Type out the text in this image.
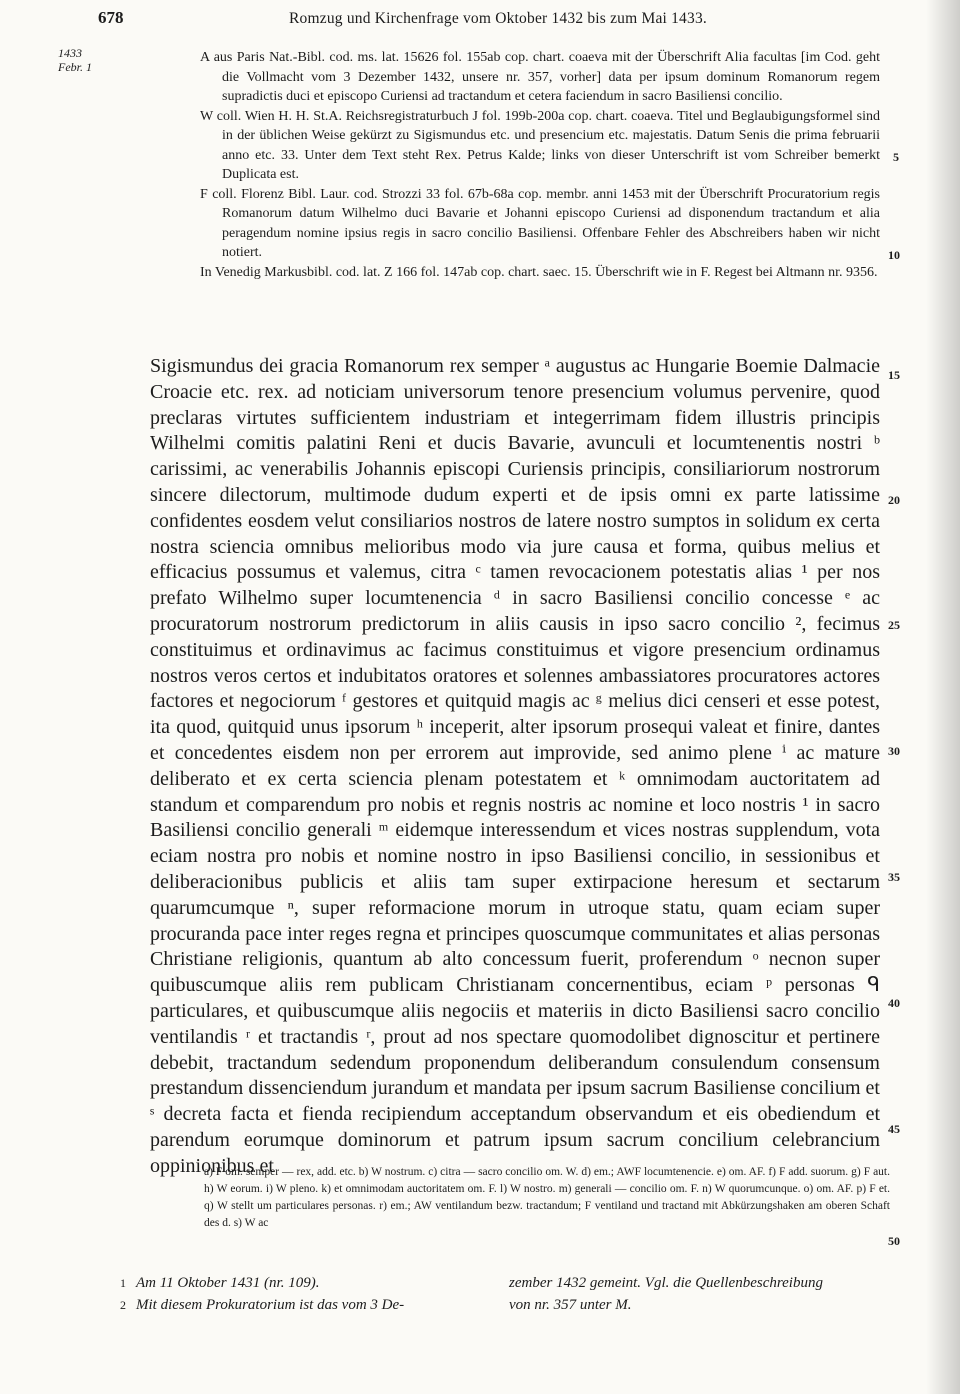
678	Romzug und Kirchenfrage vom Oktober 1432 bis zum Mai 1433.
1433
Febr. 1
5
10
15
20
25
30
35
40
45
50

A aus Paris Nat.-Bibl. cod. ms. lat. 15626 fol. 155ab cop. chart. coaeva mit der Überschrift Alia facultas [im Cod. geht die Vollmacht vom 3 Dezember 1432, unsere nr. 357, vorher] data per ipsum dominum Romanorum regem supradictis duci et episcopo Curiensi ad tractandum et cetera faciendum in sacro Basiliensi concilio.

W coll. Wien H. H. St.A. Reichsregistraturbuch J fol. 199b-200a cop. chart. coaeva. Titel und Beglaubigungsformel sind in der üblichen Weise gekürzt zu Sigismundus etc. und presencium etc. majestatis. Datum Senis die prima februarii anno etc. 33. Unter dem Text steht Rex. Petrus Kalde; links von dieser Unterschrift ist vom Schreiber bemerkt Duplicata est.

F coll. Florenz Bibl. Laur. cod. Strozzi 33 fol. 67b-68a cop. membr. anni 1453 mit der Überschrift Procuratorium regis Romanorum datum Wilhelmo duci Bavarie et Johanni episcopo Curiensi ad disponendum tractandum et alia peragendum nomine ipsius regis in sacro concilio Basiliensi. Offenbare Fehler des Abschreibers haben wir nicht notiert.

In Venedig Markusbibl. cod. lat. Z 166 fol. 147ab cop. chart. saec. 15. Überschrift wie in F. Regest bei Altmann nr. 9356.

Sigismundus dei gracia Romanorum rex semper ᵃ augustus ac Hungarie Boemie Dalmacie Croacie etc. rex. ad noticiam universorum tenore presencium volumus pervenire, quod preclaras virtutes sufficientem industriam et integerrimam fidem illustris principis Wilhelmi comitis palatini Reni et ducis Bavarie, avunculi et locumtenentis nostri ᵇ carissimi, ac venerabilis Johannis episcopi Curiensis principis, consiliariorum nostrorum sincere dilectorum, multimode dudum experti et de ipsis omni ex parte latissime confidentes eosdem velut consiliarios nostros de latere nostro sumptos in solidum ex certa nostra sciencia omnibus melioribus modo via jure causa et forma, quibus melius et efficacius possumus et valemus, citra ᶜ tamen revocacionem potestatis alias ¹ per nos prefato Wilhelmo super locumtenencia ᵈ in sacro Basiliensi concilio concesse ᵉ ac procuratorum nostrorum predictorum in aliis causis in ipso sacro concilio ², fecimus constituimus et ordinavimus ac facimus constituimus et vigore presencium ordinamus nostros veros certos et indubitatos oratores et solennes ambassiatores procuratores actores factores et negociorum ᶠ gestores et quitquid magis ac ᵍ melius dici censeri et esse potest, ita quod, quitquid unus ipsorum ʰ inceperit, alter ipsorum prosequi valeat et finire, dantes et concedentes eisdem non per errorem aut improvide, sed animo plene ⁱ ac mature deliberato et ex certa sciencia plenam potestatem et ᵏ omnimodam auctoritatem ad standum et comparendum pro nobis et regnis nostris ac nomine et loco nostris ¹ in sacro Basiliensi concilio generali ᵐ eidemque interessendum et vices nostras supplendum, vota eciam nostra pro nobis et nomine nostro in ipso Basiliensi concilio, in sessionibus et deliberacionibus publicis et aliis tam super extirpacione heresum et sectarum quarumcumque ⁿ, super reformacione morum in utroque statu, quam eciam super procuranda pace inter reges regna et principes quoscumque communitates et alias personas Christiane religionis, quantum ab alto concessum fuerit, proferendum ᵒ necnon super quibuscumque aliis rem publicam Christianam concernentibus, eciam ᵖ personas ᑫ particulares, et quibuscumque aliis negociis et materiis in dicto Basiliensi sacro concilio ventilandis ʳ et tractandis ʳ, prout ad nos spectare quomodolibet dignoscitur et pertinere debebit, tractandum sedendum proponendum deliberandum consulendum consensum prestandum dissenciendum jurandum et mandata per ipsum sacrum Basiliense concilium et ˢ decreta facta et fienda recipiendum acceptandum observandum et eis obediendum et parendum eorumque dominorum et patrum ipsum sacrum concilium celebrancium oppinionibus et

a) F om. semper — rex, add. etc. b) W nostrum. c) citra — sacro concilio om. W. d) em.; AWF locumtenencie. e) om. AF. f) F add. suorum. g) F aut. h) W eorum. i) W pleno. k) et omnimodam auctoritatem om. F. l) W nostro. m) generali — concilio om. F. n) W quorumcunque. o) om. AF. p) F et. q) W stellt um particulares personas. r) em.; AW ventilandum bezw. tractandum; F ventiland und tractand mit Abkürzungshaken am oberen Schaft des d. s) W ac
1 Am 11 Oktober 1431 (nr. 109).
2 Mit diesem Prokuratorium ist das vom 3 De-
zember 1432 gemeint. Vgl. die Quellenbeschreibung
von nr. 357 unter M.
